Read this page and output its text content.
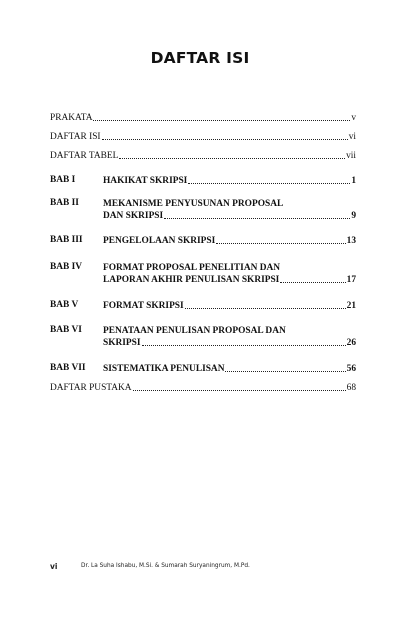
DAFTAR ISI
PRAKATA	v
DAFTAR ISI	vi
DAFTAR TABEL	vii
BAB I	HAKIKAT SKRIPSI	1
BAB II	MEKANISME PENYUSUNAN PROPOSAL
DAN SKRIPSI	9
BAB III PENGELOLAAN SKRIPSI	13
BAB IV FORMAT PROPOSAL PENELITIAN DAN
LAPORAN AKHIR PENULISAN SKRIPSI	17
BAB V	FORMAT SKRIPSI	21
BAB VI PENATAAN PENULISAN PROPOSAL DAN
SKRIPSI	26
BAB VII SISTEMATIKA PENULISAN	56
DAFTAR PUSTAKA	68
vi	Dr. La Suha Ishabu, M.Si. & Sumarah Suryaningrum, M.Pd.
